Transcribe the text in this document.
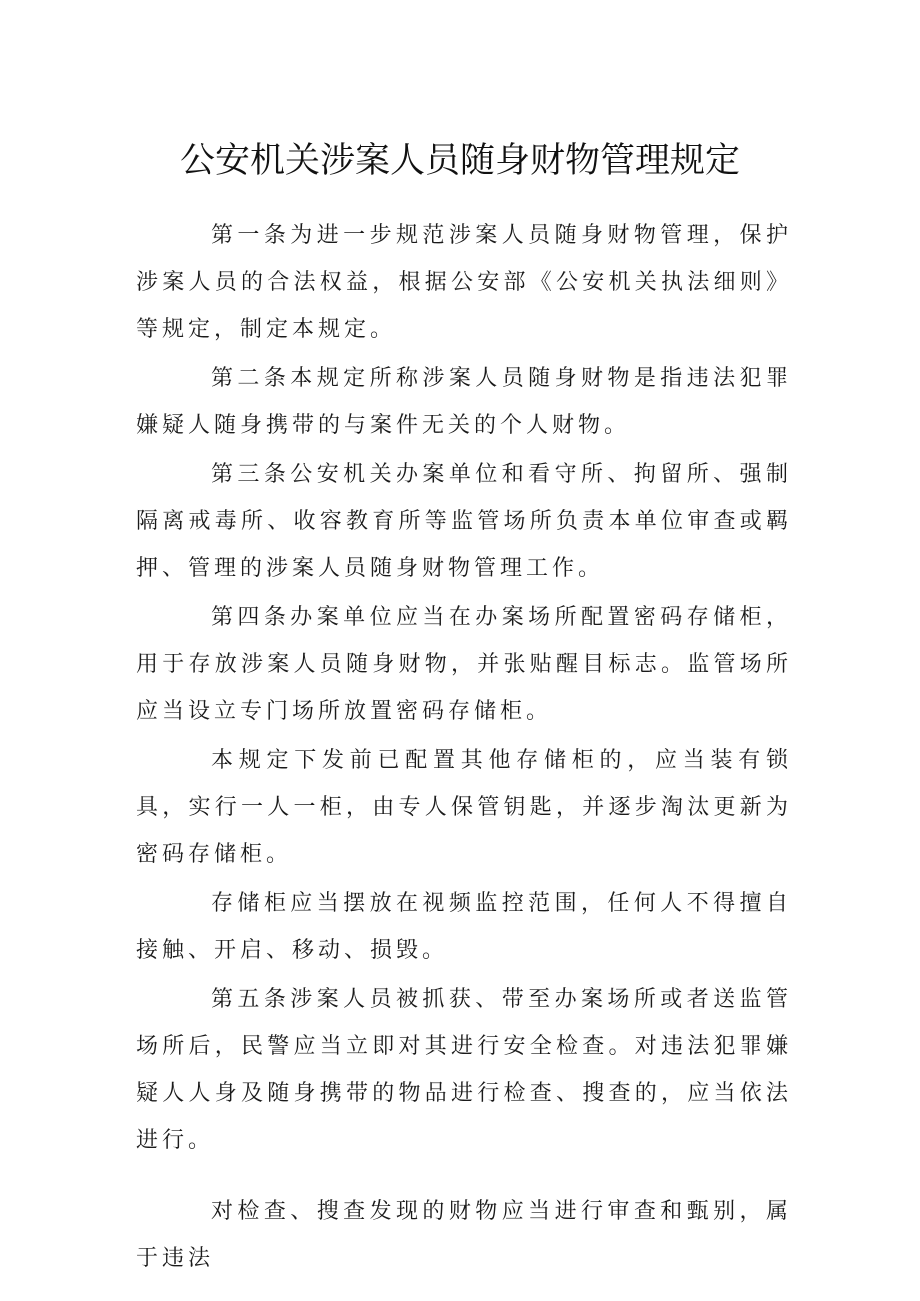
公安机关涉案人员随身财物管理规定

第一条为进一步规范涉案人员随身财物管理，保护涉案人员的合法权益，根据公安部《公安机关执法细则》等规定，制定本规定。

第二条本规定所称涉案人员随身财物是指违法犯罪嫌疑人随身携带的与案件无关的个人财物。

第三条公安机关办案单位和看守所、拘留所、强制隔离戒毒所、收容教育所等监管场所负责本单位审查或羁押、管理的涉案人员随身财物管理工作。

第四条办案单位应当在办案场所配置密码存储柜，用于存放涉案人员随身财物，并张贴醒目标志。监管场所应当设立专门场所放置密码存储柜。

本规定下发前已配置其他存储柜的，应当装有锁具，实行一人一柜，由专人保管钥匙，并逐步淘汰更新为密码存储柜。

存储柜应当摆放在视频监控范围，任何人不得擅自接触、开启、移动、损毁。

第五条涉案人员被抓获、带至办案场所或者送监管场所后，民警应当立即对其进行安全检查。对违法犯罪嫌疑人人身及随身携带的物品进行检查、搜查的，应当依法进行。

对检查、搜查发现的财物应当进行审查和甄别，属于违法
